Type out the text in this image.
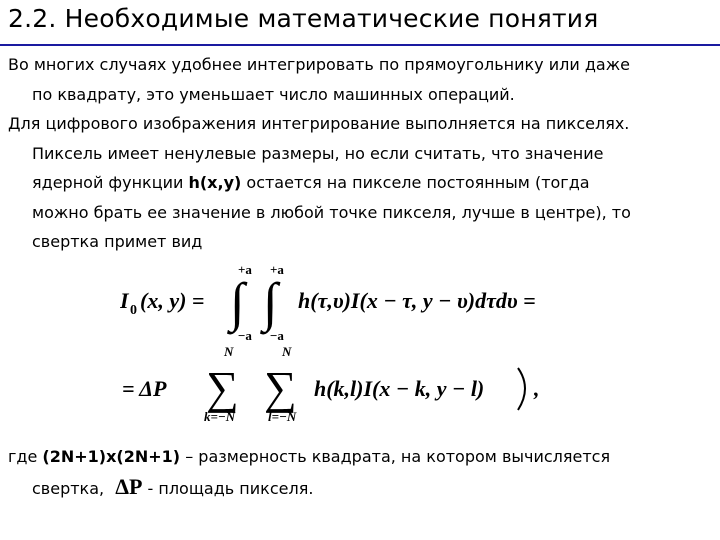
2.2. Необходимые математические понятия
Во многих случаях удобнее интегрировать по прямоугольнику или даже
по квадрату, это уменьшает число машинных операций.
Для цифрового изображения интегрирование выполняется на пикселях.
Пиксель имеет ненулевые размеры, но если считать, что значение
ядерной функции h(x,y) остается на пикселе постоянным (тогда
можно брать ее значение в любой точке пикселя, лучше в центре), то
свертка примет вид
I 0 (x, y) =
+a
∫
−a
+a
∫
−a
h(τ,υ)I(x − τ, y − υ)dτdυ =
= ΔP
N
∑
k=−N
N
∑
l=−N
h(k,l)I(x − k, y − l) ,
где (2N+1)x(2N+1) – размерность квадрата, на котором вычисляется
свертка, ΔP - площадь пикселя.
